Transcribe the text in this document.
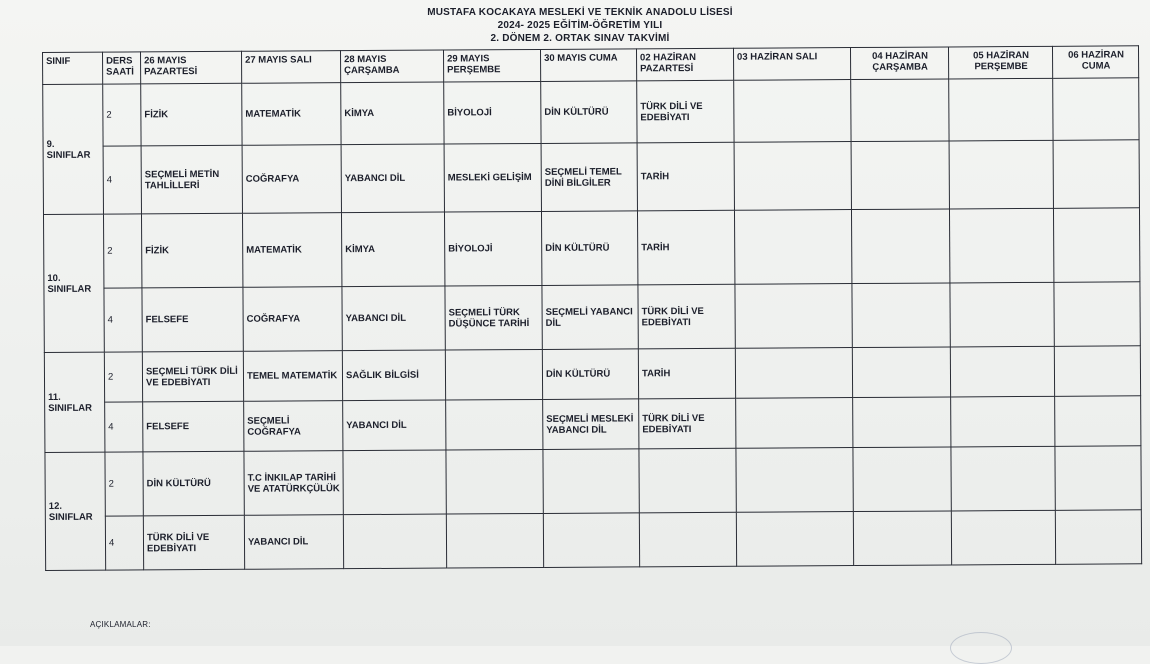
MUSTAFA KOCAKAYA MESLEKİ VE TEKNİK ANADOLU LİSESİ
2024- 2025 EĞİTİM-ÖĞRETİM YILI
2. DÖNEM 2. ORTAK SINAV TAKVİMİ
SINIF	DERS SAATİ	26 MAYIS PAZARTESİ	27 MAYIS SALI	28 MAYIS ÇARŞAMBA	29 MAYIS PERŞEMBE	30 MAYIS CUMA	02 HAZİRAN PAZARTESİ	03 HAZİRAN SALI	04 HAZİRAN ÇARŞAMBA	05 HAZİRAN PERŞEMBE	06 HAZİRAN CUMA
9. SINIFLAR	2	FİZİK	MATEMATİK	KİMYA	BİYOLOJİ	DİN KÜLTÜRÜ	TÜRK DİLİ VE EDEBİYATI				
	4	SEÇMELİ METİN TAHLİLLERİ	COĞRAFYA	YABANCI DİL	MESLEKİ GELİŞİM	SEÇMELİ TEMEL DİNİ BİLGİLER	TARİH				
10. SINIFLAR	2	FİZİK	MATEMATİK	KİMYA	BİYOLOJİ	DİN KÜLTÜRÜ	TARİH				
	4	FELSEFE	COĞRAFYA	YABANCI DİL	SEÇMELİ TÜRK DÜŞÜNCE TARİHİ	SEÇMELİ YABANCI DİL	TÜRK DİLİ VE EDEBİYATI				
11. SINIFLAR	2	SEÇMELİ TÜRK DİLİ VE EDEBİYATI	TEMEL MATEMATİK	SAĞLIK BİLGİSİ		DİN KÜLTÜRÜ	TARİH				
	4	FELSEFE	SEÇMELİ COĞRAFYA	YABANCI DİL		SEÇMELİ MESLEKİ YABANCI DİL	TÜRK DİLİ VE EDEBİYATI				
12. SINIFLAR	2	DİN KÜLTÜRÜ	T.C İNKILAP TARİHİ VE ATATÜRKÇÜLÜK								
	4	TÜRK DİLİ VE EDEBİYATI	YABANCI DİL								
AÇIKLAMALAR:
